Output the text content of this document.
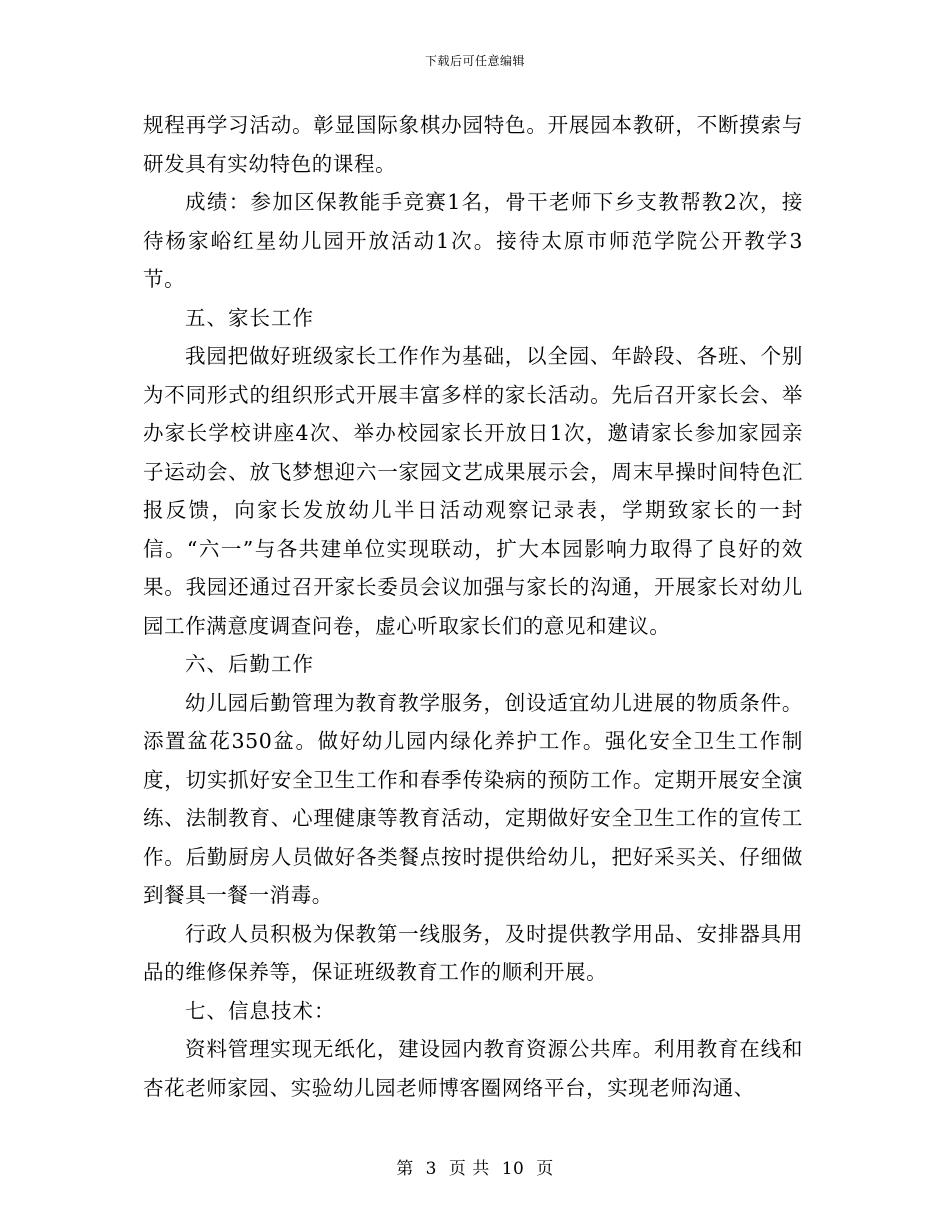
下载后可任意编辑

规程再学习活动。彰显国际象棋办园特色。开展园本教研，不断摸索与研发具有实幼特色的课程。

成绩：参加区保教能手竞赛1名，骨干老师下乡支教帮教2次，接待杨家峪红星幼儿园开放活动1次。接待太原市师范学院公开教学3节。

五、家长工作

我园把做好班级家长工作作为基础，以全园、年龄段、各班、个别为不同形式的组织形式开展丰富多样的家长活动。先后召开家长会、举办家长学校讲座4次、举办校园家长开放日1次，邀请家长参加家园亲子运动会、放飞梦想迎六一家园文艺成果展示会，周末早操时间特色汇报反馈，向家长发放幼儿半日活动观察记录表，学期致家长的一封信。“六一”与各共建单位实现联动，扩大本园影响力取得了良好的效果。我园还通过召开家长委员会议加强与家长的沟通，开展家长对幼儿园工作满意度调查问卷，虚心听取家长们的意见和建议。

六、后勤工作

幼儿园后勤管理为教育教学服务，创设适宜幼儿进展的物质条件。添置盆花350盆。做好幼儿园内绿化养护工作。强化安全卫生工作制度，切实抓好安全卫生工作和春季传染病的预防工作。定期开展安全演练、法制教育、心理健康等教育活动，定期做好安全卫生工作的宣传工作。后勤厨房人员做好各类餐点按时提供给幼儿，把好采买关、仔细做到餐具一餐一消毒。

行政人员积极为保教第一线服务，及时提供教学用品、安排器具用品的维修保养等，保证班级教育工作的顺利开展。

七、信息技术：

资料管理实现无纸化，建设园内教育资源公共库。利用教育在线和杏花老师家园、实验幼儿园老师博客圈网络平台，实现老师沟通、

第 3 页 共 10 页
